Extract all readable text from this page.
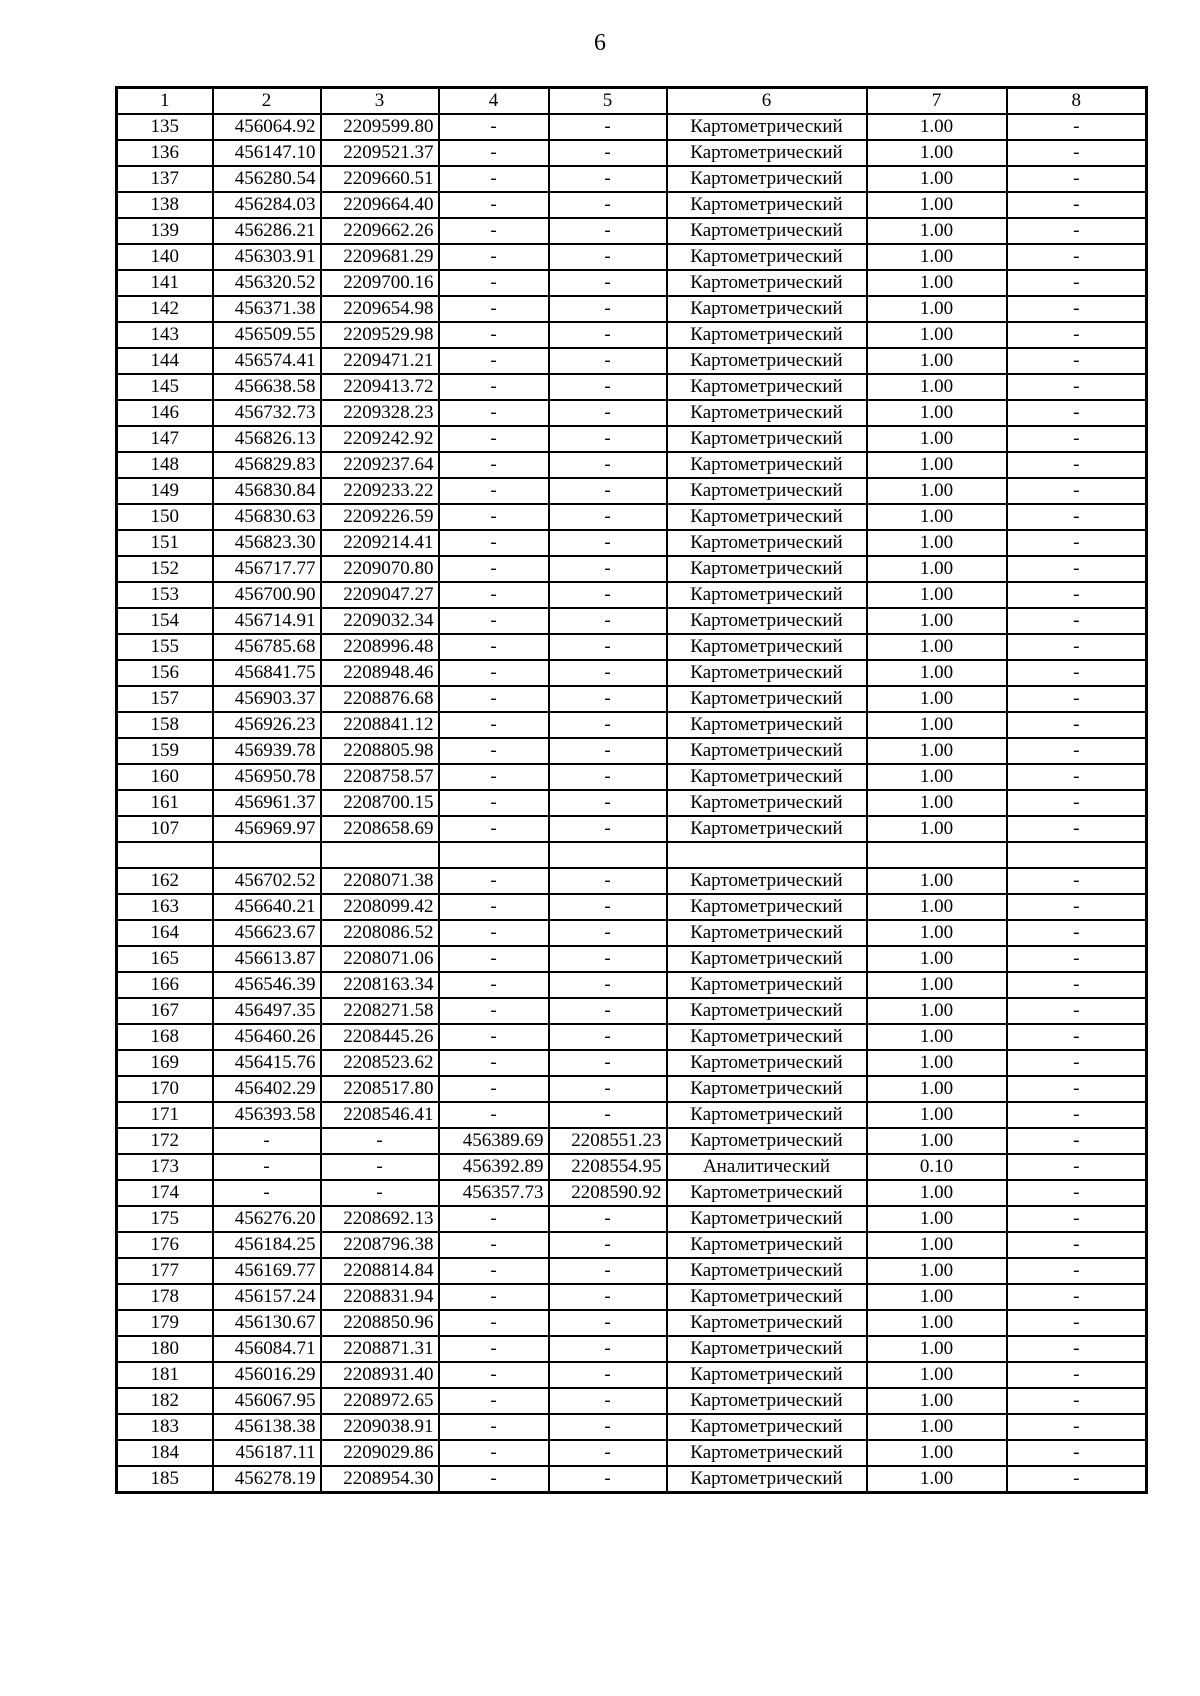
6
1	2	3	4	5	6	7	8
135	456064.92	2209599.80	-	-	Картометрический	1.00	-
136	456147.10	2209521.37	-	-	Картометрический	1.00	-
137	456280.54	2209660.51	-	-	Картометрический	1.00	-
138	456284.03	2209664.40	-	-	Картометрический	1.00	-
139	456286.21	2209662.26	-	-	Картометрический	1.00	-
140	456303.91	2209681.29	-	-	Картометрический	1.00	-
141	456320.52	2209700.16	-	-	Картометрический	1.00	-
142	456371.38	2209654.98	-	-	Картометрический	1.00	-
143	456509.55	2209529.98	-	-	Картометрический	1.00	-
144	456574.41	2209471.21	-	-	Картометрический	1.00	-
145	456638.58	2209413.72	-	-	Картометрический	1.00	-
146	456732.73	2209328.23	-	-	Картометрический	1.00	-
147	456826.13	2209242.92	-	-	Картометрический	1.00	-
148	456829.83	2209237.64	-	-	Картометрический	1.00	-
149	456830.84	2209233.22	-	-	Картометрический	1.00	-
150	456830.63	2209226.59	-	-	Картометрический	1.00	-
151	456823.30	2209214.41	-	-	Картометрический	1.00	-
152	456717.77	2209070.80	-	-	Картометрический	1.00	-
153	456700.90	2209047.27	-	-	Картометрический	1.00	-
154	456714.91	2209032.34	-	-	Картометрический	1.00	-
155	456785.68	2208996.48	-	-	Картометрический	1.00	-
156	456841.75	2208948.46	-	-	Картометрический	1.00	-
157	456903.37	2208876.68	-	-	Картометрический	1.00	-
158	456926.23	2208841.12	-	-	Картометрический	1.00	-
159	456939.78	2208805.98	-	-	Картометрический	1.00	-
160	456950.78	2208758.57	-	-	Картометрический	1.00	-
161	456961.37	2208700.15	-	-	Картометрический	1.00	-
107	456969.97	2208658.69	-	-	Картометрический	1.00	-

162	456702.52	2208071.38	-	-	Картометрический	1.00	-
163	456640.21	2208099.42	-	-	Картометрический	1.00	-
164	456623.67	2208086.52	-	-	Картометрический	1.00	-
165	456613.87	2208071.06	-	-	Картометрический	1.00	-
166	456546.39	2208163.34	-	-	Картометрический	1.00	-
167	456497.35	2208271.58	-	-	Картометрический	1.00	-
168	456460.26	2208445.26	-	-	Картометрический	1.00	-
169	456415.76	2208523.62	-	-	Картометрический	1.00	-
170	456402.29	2208517.80	-	-	Картометрический	1.00	-
171	456393.58	2208546.41	-	-	Картометрический	1.00	-
172	-	-	456389.69	2208551.23	Картометрический	1.00	-
173	-	-	456392.89	2208554.95	Аналитический	0.10	-
174	-	-	456357.73	2208590.92	Картометрический	1.00	-
175	456276.20	2208692.13	-	-	Картометрический	1.00	-
176	456184.25	2208796.38	-	-	Картометрический	1.00	-
177	456169.77	2208814.84	-	-	Картометрический	1.00	-
178	456157.24	2208831.94	-	-	Картометрический	1.00	-
179	456130.67	2208850.96	-	-	Картометрический	1.00	-
180	456084.71	2208871.31	-	-	Картометрический	1.00	-
181	456016.29	2208931.40	-	-	Картометрический	1.00	-
182	456067.95	2208972.65	-	-	Картометрический	1.00	-
183	456138.38	2209038.91	-	-	Картометрический	1.00	-
184	456187.11	2209029.86	-	-	Картометрический	1.00	-
185	456278.19	2208954.30	-	-	Картометрический	1.00	-
